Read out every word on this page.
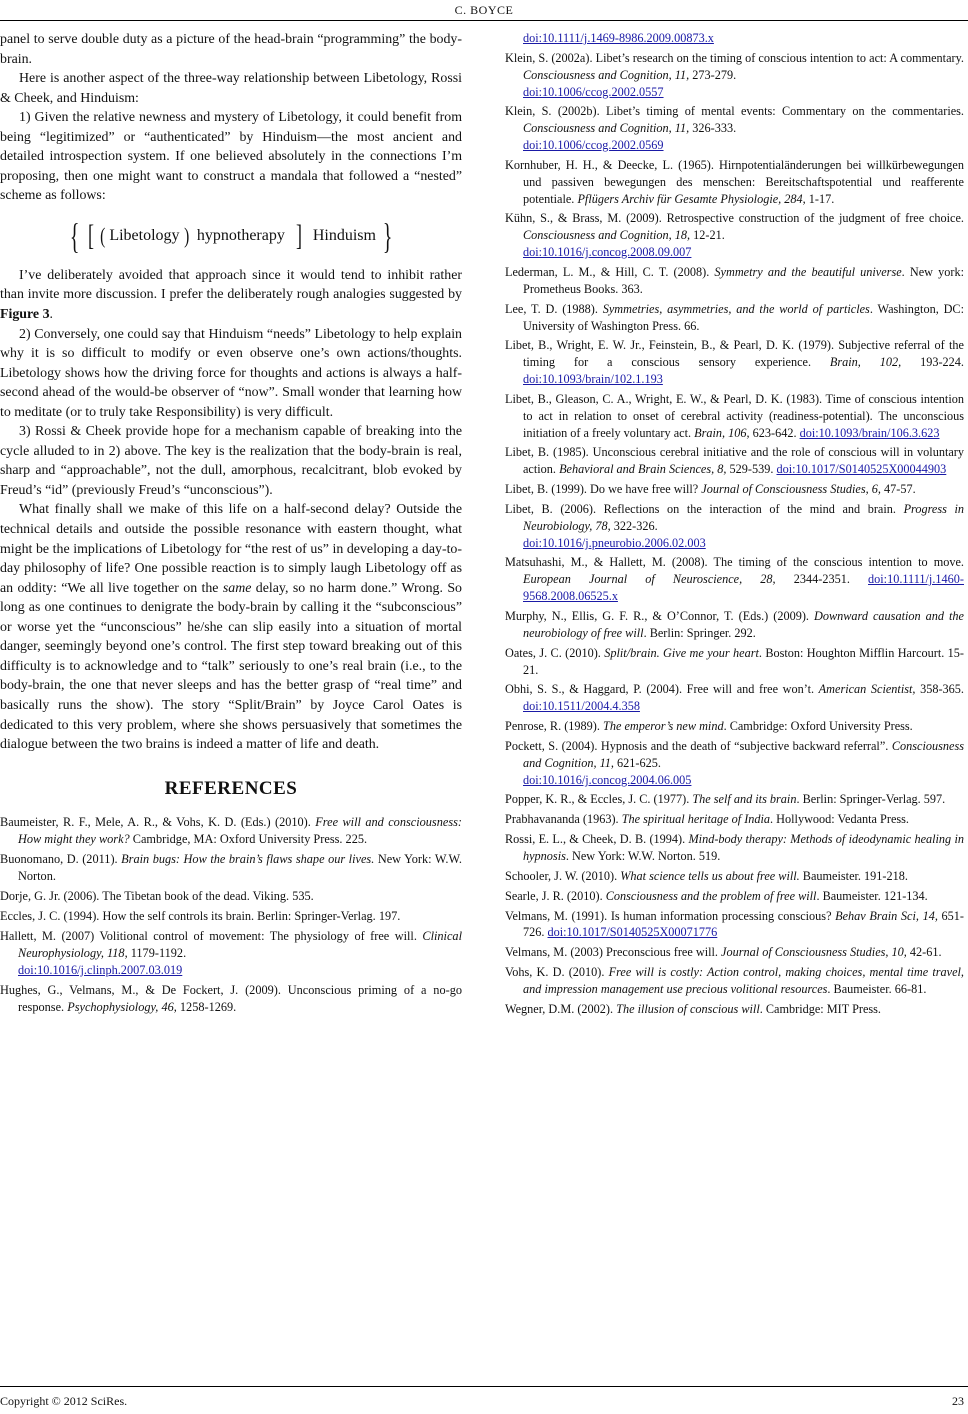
C. BOYCE

panel to serve double duty as a picture of the head-brain “programming” the body-brain.

Here is another aspect of the three-way relationship between Libetology, Rossi & Cheek, and Hinduism:

1) Given the relative newness and mystery of Libetology, it could benefit from being “legitimized” or “authenticated” by Hinduism—the most ancient and detailed introspection system. If one believed absolutely in the connections I’m proposing, then one might want to construct a mandala that followed a “nested” scheme as follows:

{ [ ( Libetology ) hypnotherapy ] Hinduism }

I’ve deliberately avoided that approach since it would tend to inhibit rather than invite more discussion. I prefer the deliberately rough analogies suggested by Figure 3.

2) Conversely, one could say that Hinduism “needs” Libetology to help explain why it is so difficult to modify or even observe one’s own actions/thoughts. Libetology shows how the driving force for thoughts and actions is always a half-second ahead of the would-be observer of “now”. Small wonder that learning how to meditate (or to truly take Responsibility) is very difficult.

3) Rossi & Cheek provide hope for a mechanism capable of breaking into the cycle alluded to in 2) above. The key is the realization that the body-brain is real, sharp and “approachable”, not the dull, amorphous, recalcitrant, blob evoked by Freud’s “id” (previously Freud’s “unconscious”).

What finally shall we make of this life on a half-second delay? Outside the technical details and outside the possible resonance with eastern thought, what might be the implications of Libetology for “the rest of us” in developing a day-to-day philosophy of life? One possible reaction is to simply laugh Libetology off as an oddity: “We all live together on the same delay, so no harm done.” Wrong. So long as one continues to denigrate the body-brain by calling it the “subconscious” or worse yet the “unconscious” he/she can slip easily into a situation of mortal danger, seemingly beyond one’s control. The first step toward breaking out of this difficulty is to acknowledge and to “talk” seriously to one’s real brain (i.e., to the body-brain, the one that never sleeps and has the better grasp of “real time” and basically runs the show). The story “Split/Brain” by Joyce Carol Oates is dedicated to this very problem, where she shows persuasively that sometimes the dialogue between the two brains is indeed a matter of life and death.

REFERENCES

Baumeister, R. F., Mele, A. R., & Vohs, K. D. (Eds.) (2010). Free will and consciousness: How might they work? Cambridge, MA: Oxford University Press. 225.

Buonomano, D. (2011). Brain bugs: How the brain’s flaws shape our lives. New York: W.W. Norton.

Dorje, G. Jr. (2006). The Tibetan book of the dead. Viking. 535.

Eccles, J. C. (1994). How the self controls its brain. Berlin: Springer-Verlag. 197.

Hallett, M. (2007) Volitional control of movement: The physiology of free will. Clinical Neurophysiology, 118, 1179-1192.
doi:10.1016/j.clinph.2007.03.019

Hughes, G., Velmans, M., & De Fockert, J. (2009). Unconscious priming of a no-go response. Psychophysiology, 46, 1258-1269.

doi:10.1111/j.1469-8986.2009.00873.x

Klein, S. (2002a). Libet’s research on the timing of conscious intention to act: A commentary. Consciousness and Cognition, 11, 273-279.
doi:10.1006/ccog.2002.0557

Klein, S. (2002b). Libet’s timing of mental events: Commentary on the commentaries. Consciousness and Cognition, 11, 326-333.
doi:10.1006/ccog.2002.0569

Kornhuber, H. H., & Deecke, L. (1965). Hirnpotentialänderungen bei willkürbewegungen und passiven bewegungen des menschen: Bereitschaftspotential und reafferente potentiale. Pflügers Archiv für Gesamte Physiologie, 284, 1-17.

Kühn, S., & Brass, M. (2009). Retrospective construction of the judgment of free choice. Consciousness and Cognition, 18, 12-21.
doi:10.1016/j.concog.2008.09.007

Lederman, L. M., & Hill, C. T. (2008). Symmetry and the beautiful universe. New york: Prometheus Books. 363.

Lee, T. D. (1988). Symmetries, asymmetries, and the world of particles. Washington, DC: University of Washington Press. 66.

Libet, B., Wright, E. W. Jr., Feinstein, B., & Pearl, D. K. (1979). Subjective referral of the timing for a conscious sensory experience. Brain, 102, 193-224. doi:10.1093/brain/102.1.193

Libet, B., Gleason, C. A., Wright, E. W., & Pearl, D. K. (1983). Time of conscious intention to act in relation to onset of cerebral activity (readiness-potential). The unconscious initiation of a freely voluntary act. Brain, 106, 623-642. doi:10.1093/brain/106.3.623

Libet, B. (1985). Unconscious cerebral initiative and the role of conscious will in voluntary action. Behavioral and Brain Sciences, 8, 529-539. doi:10.1017/S0140525X00044903

Libet, B. (1999). Do we have free will? Journal of Consciousness Studies, 6, 47-57.

Libet, B. (2006). Reflections on the interaction of the mind and brain. Progress in Neurobiology, 78, 322-326.
doi:10.1016/j.pneurobio.2006.02.003

Matsuhashi, M., & Hallett, M. (2008). The timing of the conscious intention to move. European Journal of Neuroscience, 28, 2344-2351. doi:10.1111/j.1460-9568.2008.06525.x

Murphy, N., Ellis, G. F. R., & O’Connor, T. (Eds.) (2009). Downward causation and the neurobiology of free will. Berlin: Springer. 292.

Oates, J. C. (2010). Split/brain. Give me your heart. Boston: Houghton Mifflin Harcourt. 15-21.

Obhi, S. S., & Haggard, P. (2004). Free will and free won’t. American Scientist, 358-365. doi:10.1511/2004.4.358

Penrose, R. (1989). The emperor’s new mind. Cambridge: Oxford University Press.

Pockett, S. (2004). Hypnosis and the death of “subjective backward referral”. Consciousness and Cognition, 11, 621-625.
doi:10.1016/j.concog.2004.06.005

Popper, K. R., & Eccles, J. C. (1977). The self and its brain. Berlin: Springer-Verlag. 597.

Prabhavananda (1963). The spiritual heritage of India. Hollywood: Vedanta Press.

Rossi, E. L., & Cheek, D. B. (1994). Mind-body therapy: Methods of ideodynamic healing in hypnosis. New York: W.W. Norton. 519.

Schooler, J. W. (2010). What science tells us about free will. Baumeister. 191-218.

Searle, J. R. (2010). Consciousness and the problem of free will. Baumeister. 121-134.

Velmans, M. (1991). Is human information processing conscious? Behav Brain Sci, 14, 651-726. doi:10.1017/S0140525X00071776

Velmans, M. (2003) Preconscious free will. Journal of Consciousness Studies, 10, 42-61.

Vohs, K. D. (2010). Free will is costly: Action control, making choices, mental time travel, and impression management use precious volitional resources. Baumeister. 66-81.

Wegner, D.M. (2002). The illusion of conscious will. Cambridge: MIT Press.

Copyright © 2012 SciRes.	23
